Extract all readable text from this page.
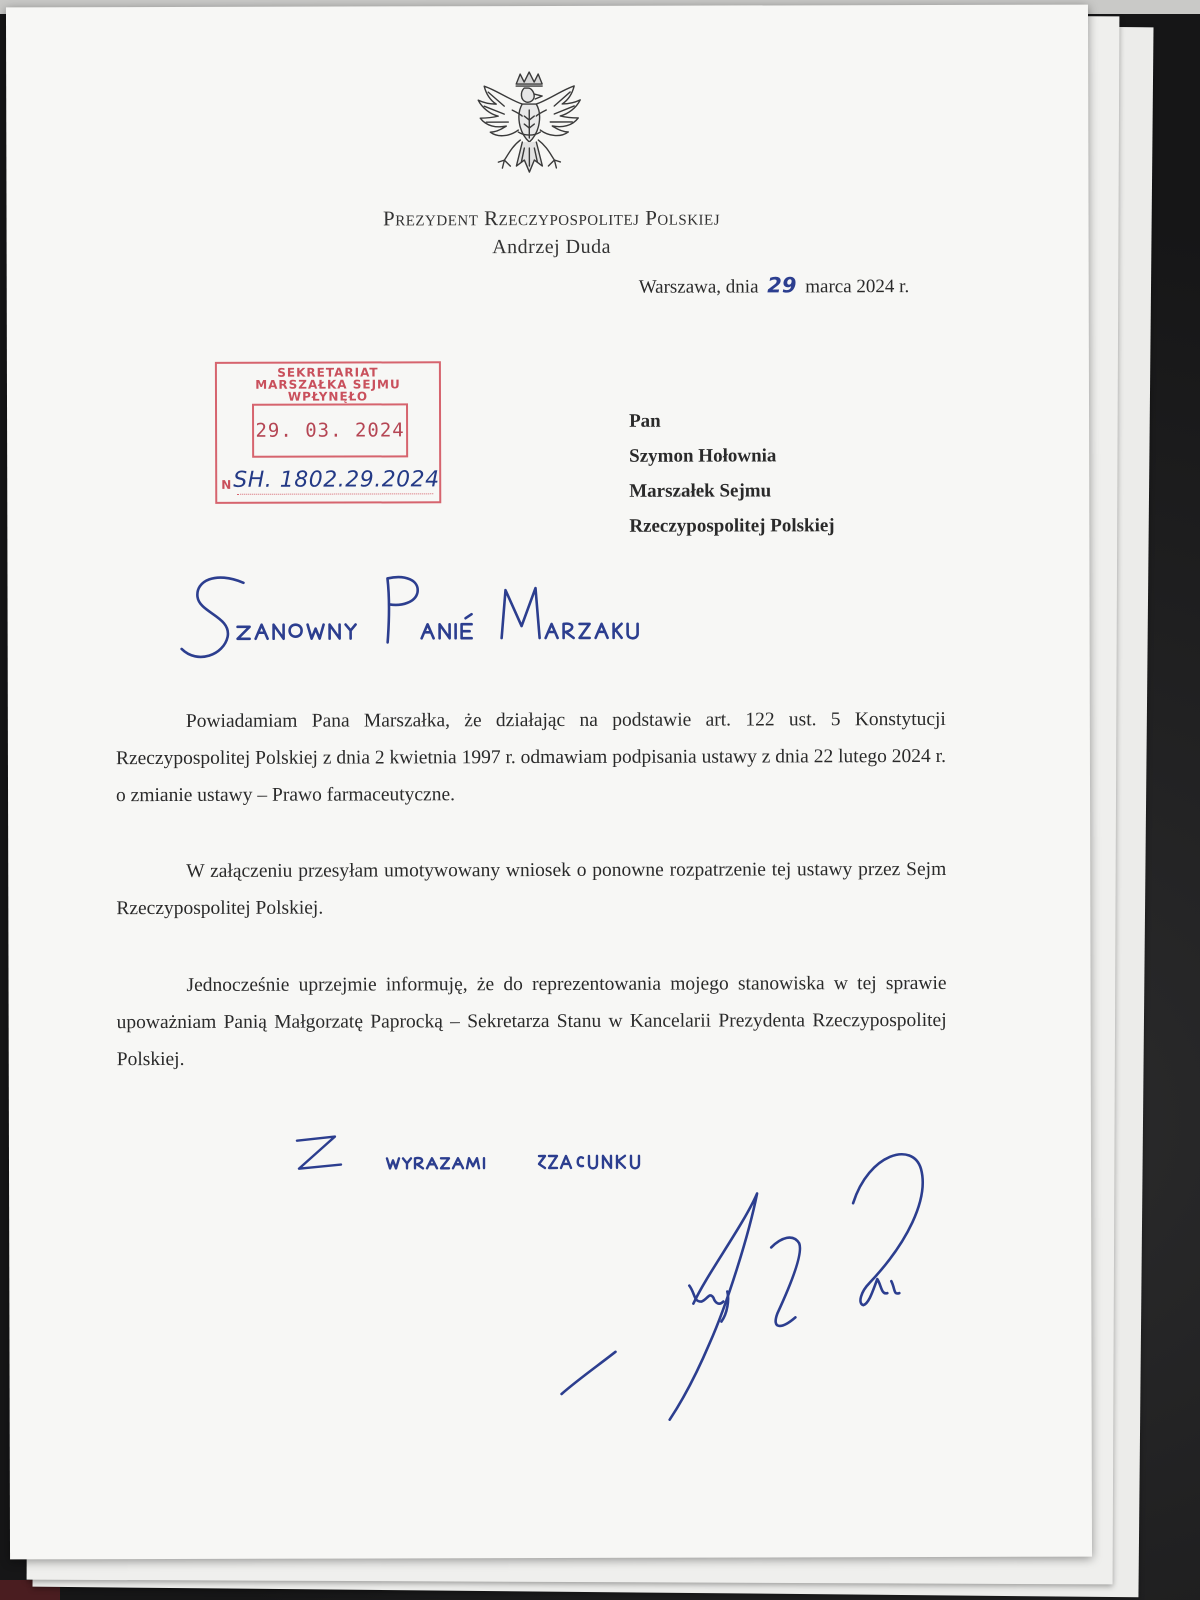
Prezydent Rzeczypospolitej Polskiej
Andrzej Duda
Warszawa, dnia 29 marca 2024 r.
SEKRETARIAT
MARSZAŁKA SEJMU
WPŁYNĘŁO
29. 03. 2024
N SH. 1802.29.2024
Pan
Szymon Hołownia
Marszałek Sejmu
Rzeczypospolitej Polskiej
Powiadamiam Pana Marszałka, że działając na podstawie art. 122 ust. 5 Konstytucji Rzeczypospolitej Polskiej z dnia 2 kwietnia 1997 r. odmawiam podpisania ustawy z dnia 22 lutego 2024 r. o zmianie ustawy – Prawo farmaceutyczne.
W załączeniu przesyłam umotywowany wniosek o ponowne rozpatrzenie tej ustawy przez Sejm Rzeczypospolitej Polskiej.
Jednocześnie uprzejmie informuję, że do reprezentowania mojego stanowiska w tej sprawie upoważniam Panią Małgorzatę Paprocką – Sekretarza Stanu w Kancelarii Prezydenta Rzeczypospolitej Polskiej.
